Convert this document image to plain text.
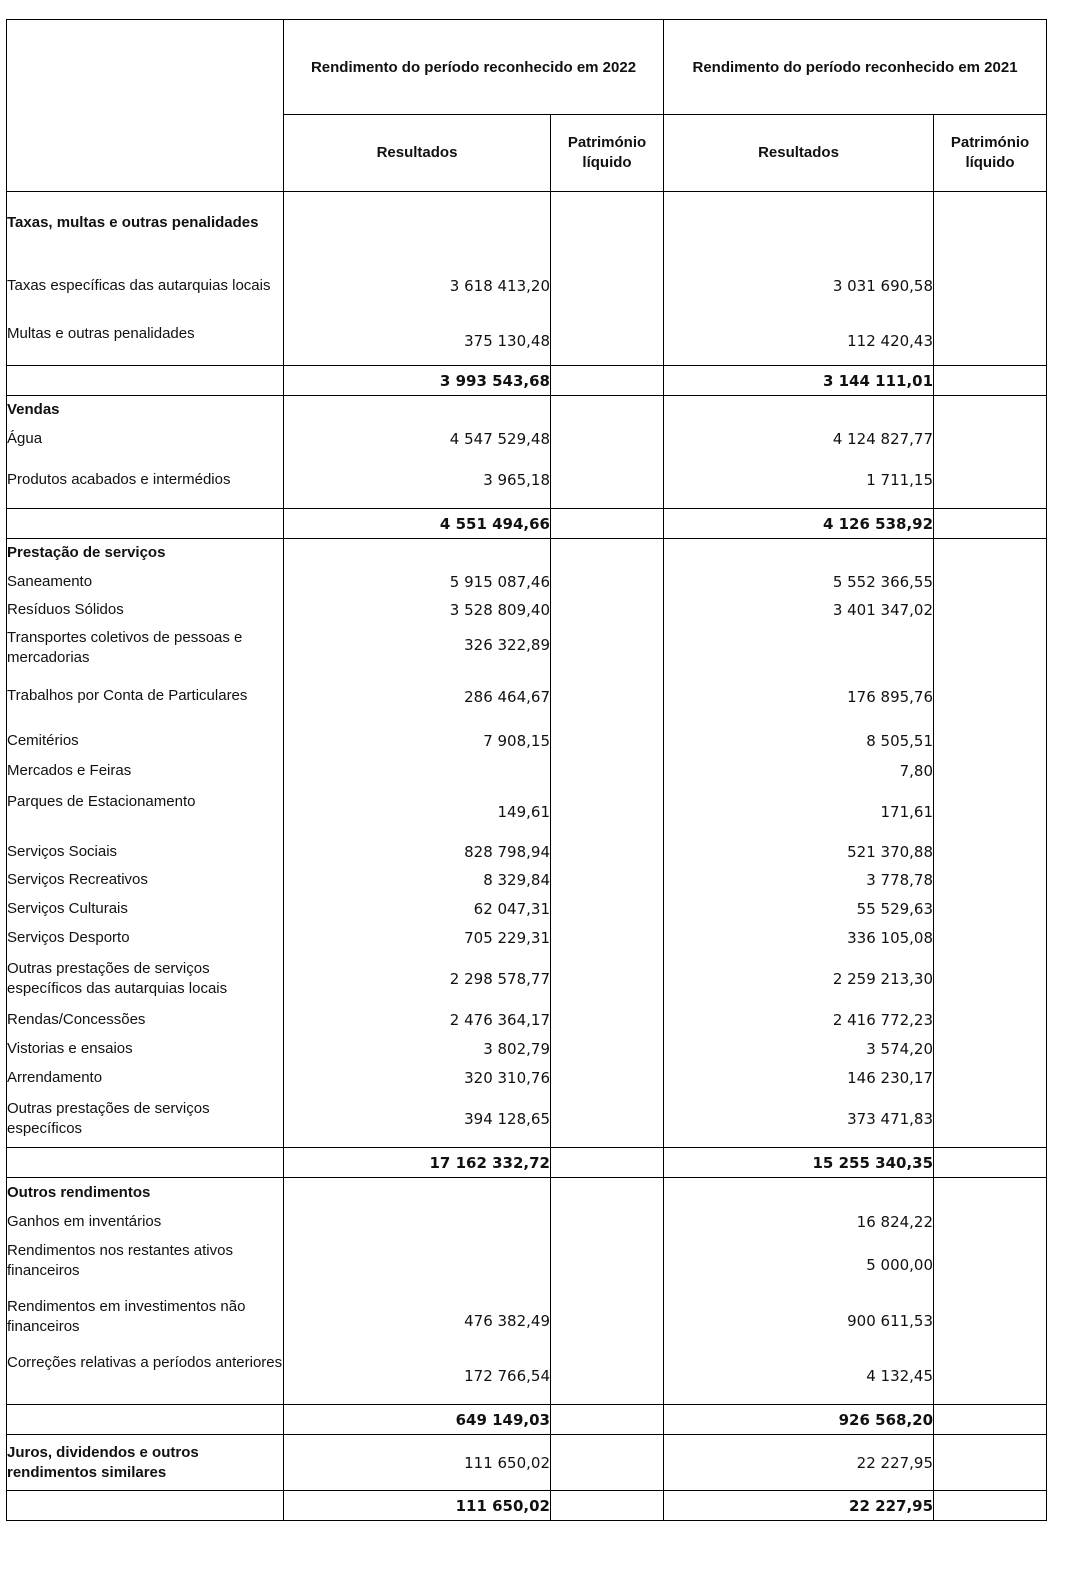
	Rendimento do período reconhecido em 2022		Rendimento do período reconhecido em 2021	
	Resultados	Património líquido	Resultados	Património líquido
Taxas, multas e outras penalidades				
Taxas específicas das autarquias locais	3 618 413,20		3 031 690,58	
Multas e outras penalidades	375 130,48		112 420,43	
	3 993 543,68		3 144 111,01	
Vendas				
Água	4 547 529,48		4 124 827,77	
Produtos acabados e intermédios	3 965,18		1 711,15	
	4 551 494,66		4 126 538,92	
Prestação de serviços				
Saneamento	5 915 087,46		5 552 366,55	
Resíduos Sólidos	3 528 809,40		3 401 347,02	
Transportes coletivos de pessoas e mercadorias	326 322,89			
Trabalhos por Conta de Particulares	286 464,67		176 895,76	
Cemitérios	7 908,15		8 505,51	
Mercados e Feiras			7,80	
Parques de Estacionamento	149,61		171,61	
Serviços Sociais	828 798,94		521 370,88	
Serviços Recreativos	8 329,84		3 778,78	
Serviços Culturais	62 047,31		55 529,63	
Serviços Desporto	705 229,31		336 105,08	
Outras prestações de serviços específicos das autarquias locais	2 298 578,77		2 259 213,30	
Rendas/Concessões	2 476 364,17		2 416 772,23	
Vistorias e ensaios	3 802,79		3 574,20	
Arrendamento	320 310,76		146 230,17	
Outras prestações de serviços específicos	394 128,65		373 471,83	
	17 162 332,72		15 255 340,35	
Outros rendimentos				
Ganhos em inventários			16 824,22	
Rendimentos nos restantes ativos financeiros			5 000,00	
Rendimentos em investimentos não financeiros	476 382,49		900 611,53	
Correções relativas a períodos anteriores	172 766,54		4 132,45	
	649 149,03		926 568,20	
Juros, dividendos e outros rendimentos similares	111 650,02		22 227,95	
	111 650,02		22 227,95	
